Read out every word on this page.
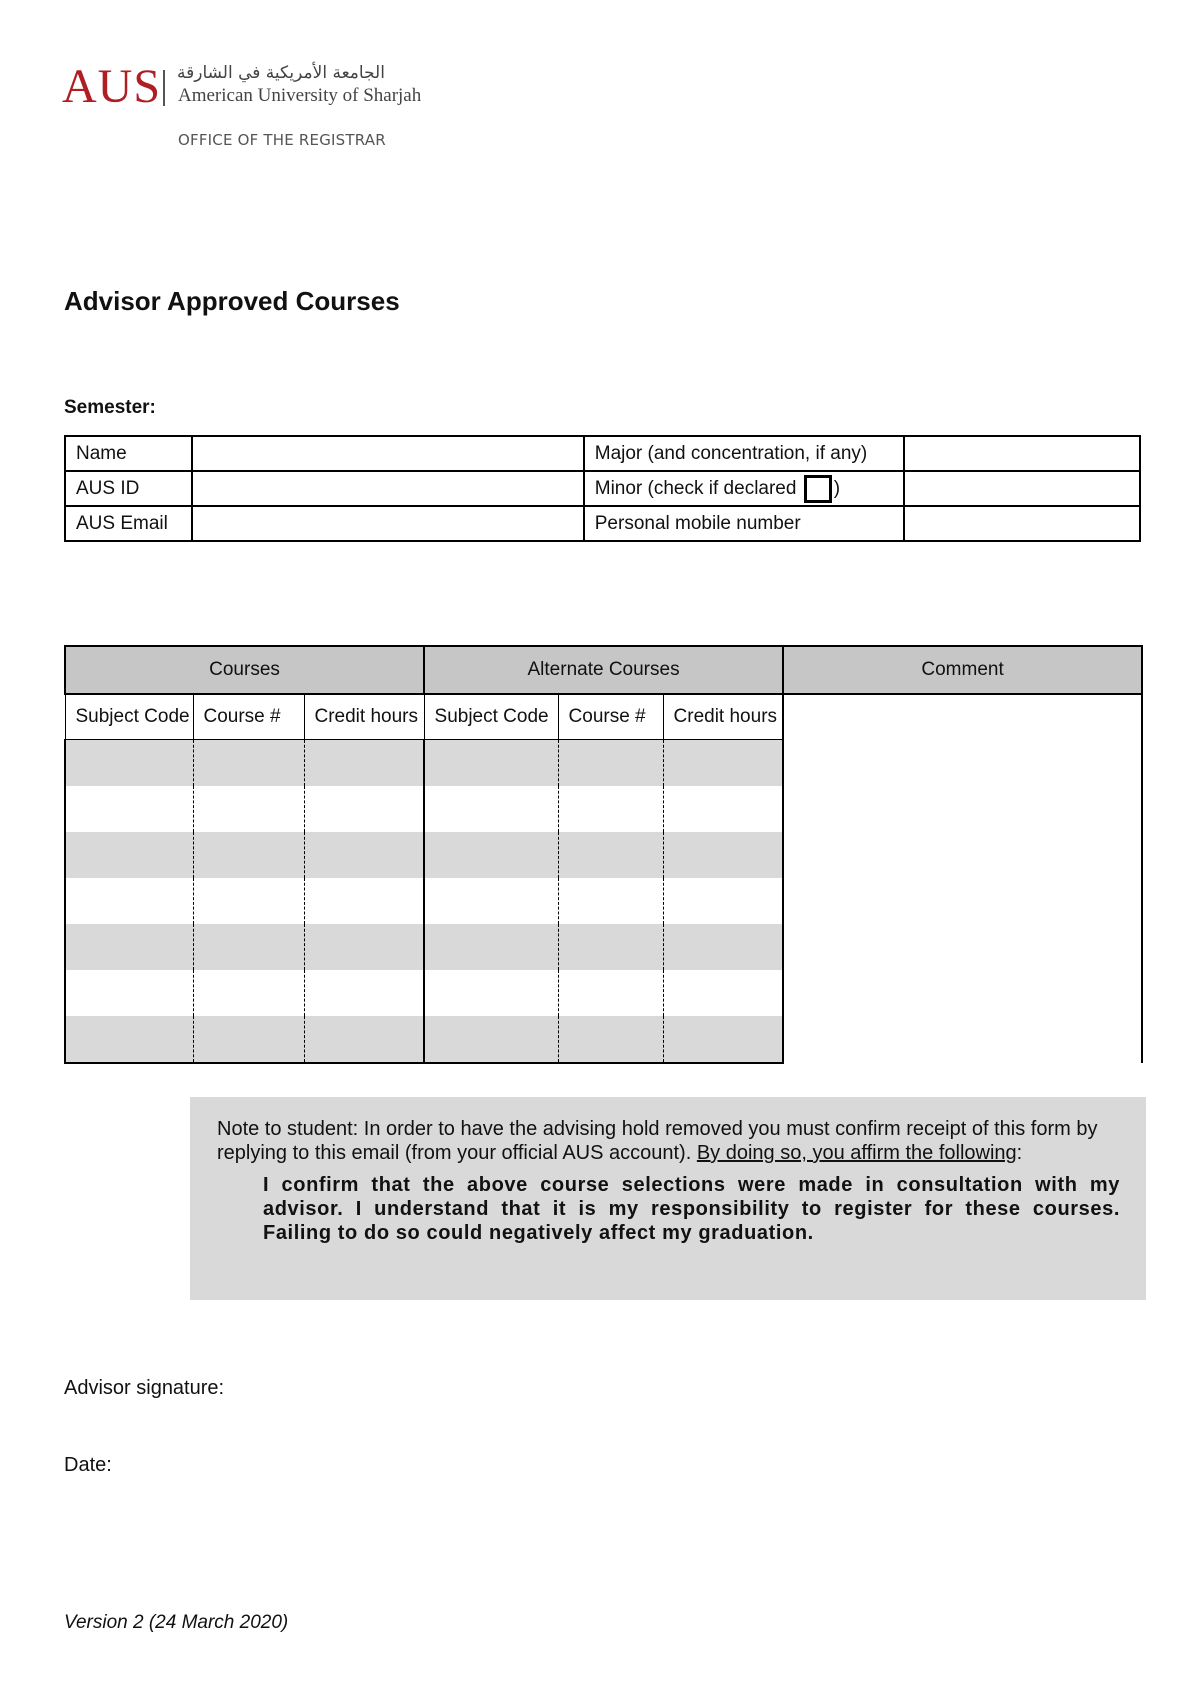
AUS الجامعة الأمريكية في الشارقة
American University of Sharjah
OFFICE OF THE REGISTRAR
Advisor Approved Courses
Semester:
Name		Major (and concentration, if any)	
AUS ID		Minor (check if declared )	
AUS Email		Personal mobile number	
Courses			Alternate Courses			Comment
Subject Code	Course #	Credit hours	Subject Code	Course #	Credit hours	

Note to student: In order to have the advising hold removed you must confirm receipt of this form by replying to this email (from your official AUS account). By doing so, you affirm the following:
I confirm that the above course selections were made in consultation with my advisor. I understand that it is my responsibility to register for these courses. Failing to do so could negatively affect my graduation.
Advisor signature:
Date:
Version 2 (24 March 2020)
